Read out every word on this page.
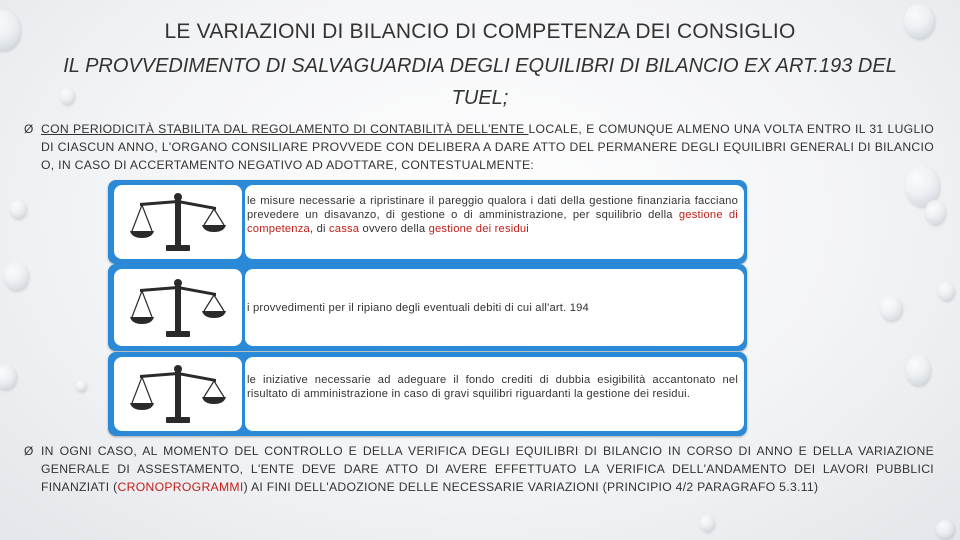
LE VARIAZIONI DI BILANCIO DI COMPETENZA DEI CONSIGLIO
IL PROVVEDIMENTO DI SALVAGUARDIA DEGLI EQUILIBRI DI BILANCIO EX ART.193 DEL TUEL;
Ø CON PERIODICITÀ STABILITA DAL REGOLAMENTO DI CONTABILITÀ DELL'ENTE LOCALE, E COMUNQUE ALMENO UNA VOLTA ENTRO IL 31 LUGLIO DI CIASCUN ANNO, L'ORGANO CONSILIARE PROVVEDE CON DELIBERA A DARE ATTO DEL PERMANERE DEGLI EQUILIBRI GENERALI DI BILANCIO O, IN CASO DI ACCERTAMENTO NEGATIVO AD ADOTTARE, CONTESTUALMENTE:
le misure necessarie a ripristinare il pareggio qualora i dati della gestione finanziaria facciano prevedere un disavanzo, di gestione o di amministrazione, per squilibrio della gestione di competenza, di cassa ovvero della gestione dei residui
i provvedimenti per il ripiano degli eventuali debiti di cui all'art. 194
le iniziative necessarie ad adeguare il fondo crediti di dubbia esigibilità accantonato nel risultato di amministrazione in caso di gravi squilibri riguardanti la gestione dei residui.
Ø IN OGNI CASO, AL MOMENTO DEL CONTROLLO E DELLA VERIFICA DEGLI EQUILIBRI DI BILANCIO IN CORSO DI ANNO E DELLA VARIAZIONE GENERALE DI ASSESTAMENTO, L'ENTE DEVE DARE ATTO DI AVERE EFFETTUATO LA VERIFICA DELL'ANDAMENTO DEI LAVORI PUBBLICI FINANZIATI (CRONOPROGRAMMI) AI FINI DELL'ADOZIONE DELLE NECESSARIE VARIAZIONI (PRINCIPIO 4/2 PARAGRAFO 5.3.11)
